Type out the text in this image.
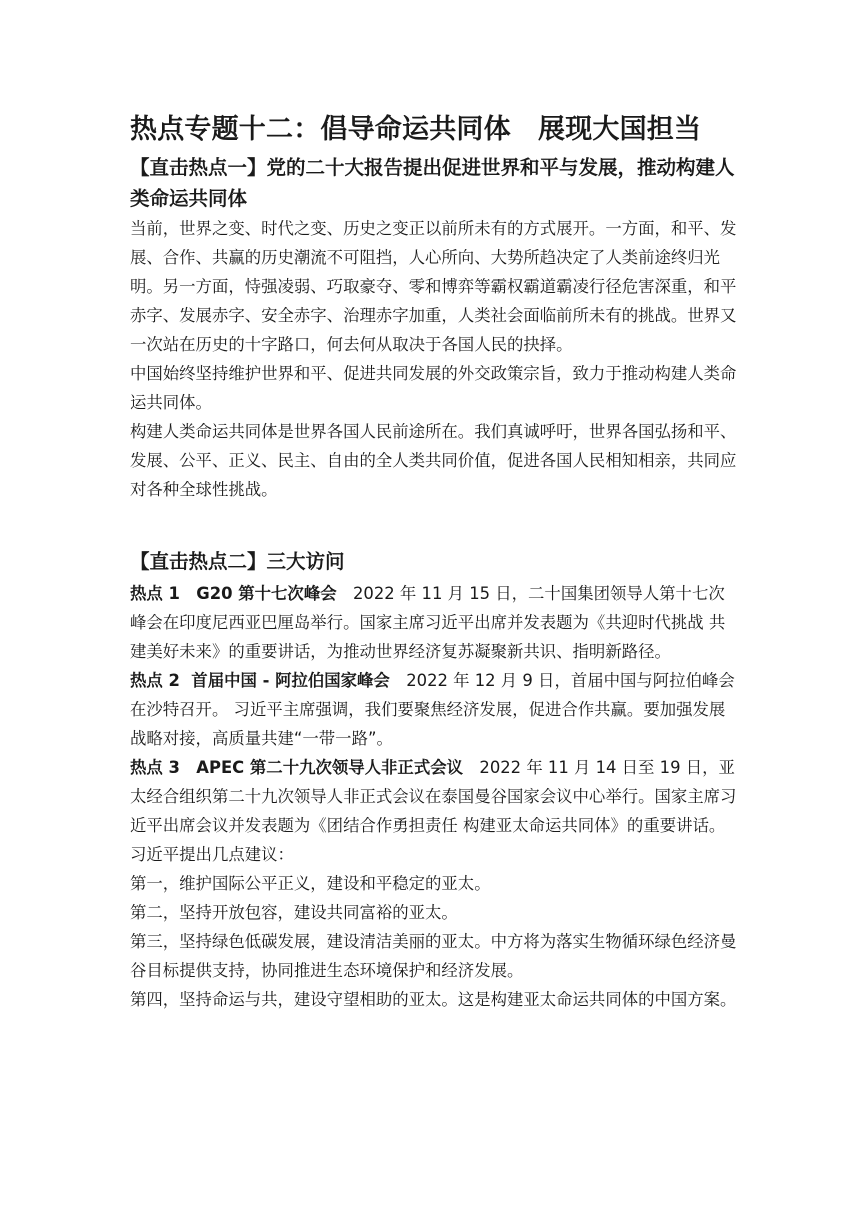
热点专题十二：倡导命运共同体　展现大国担当
【直击热点一】党的二十大报告提出促进世界和平与发展，推动构建人类命运共同体

当前，世界之变、时代之变、历史之变正以前所未有的方式展开。一方面，和平、发展、合作、共赢的历史潮流不可阻挡，人心所向、大势所趋决定了人类前途终归光明。另一方面，恃强凌弱、巧取豪夺、零和博弈等霸权霸道霸凌行径危害深重，和平赤字、发展赤字、安全赤字、治理赤字加重，人类社会面临前所未有的挑战。世界又一次站在历史的十字路口，何去何从取决于各国人民的抉择。

中国始终坚持维护世界和平、促进共同发展的外交政策宗旨，致力于推动构建人类命运共同体。

构建人类命运共同体是世界各国人民前途所在。我们真诚呼吁，世界各国弘扬和平、发展、公平、正义、民主、自由的全人类共同价值，促进各国人民相知相亲，共同应对各种全球性挑战。

【直击热点二】三大访问

热点 1　G20 第十七次峰会　2022 年 11 月 15 日，二十国集团领导人第十七次峰会在印度尼西亚巴厘岛举行。国家主席习近平出席并发表题为《共迎时代挑战 共建美好未来》的重要讲话，为推动世界经济复苏凝聚新共识、指明新路径。

热点 2  首届中国 - 阿拉伯国家峰会　2022 年 12 月 9 日，首届中国与阿拉伯峰会在沙特召开。 习近平主席强调，我们要聚焦经济发展，促进合作共赢。要加强发展战略对接，高质量共建“一带一路”。

热点 3　APEC 第二十九次领导人非正式会议　2022 年 11 月 14 日至 19 日，亚太经合组织第二十九次领导人非正式会议在泰国曼谷国家会议中心举行。国家主席习近平出席会议并发表题为《团结合作勇担责任 构建亚太命运共同体》的重要讲话。

习近平提出几点建议：

第一，维护国际公平正义，建设和平稳定的亚太。

第二，坚持开放包容，建设共同富裕的亚太。

第三，坚持绿色低碳发展，建设清洁美丽的亚太。中方将为落实生物循环绿色经济曼谷目标提供支持，协同推进生态环境保护和经济发展。

第四，坚持命运与共，建设守望相助的亚太。这是构建亚太命运共同体的中国方案。
